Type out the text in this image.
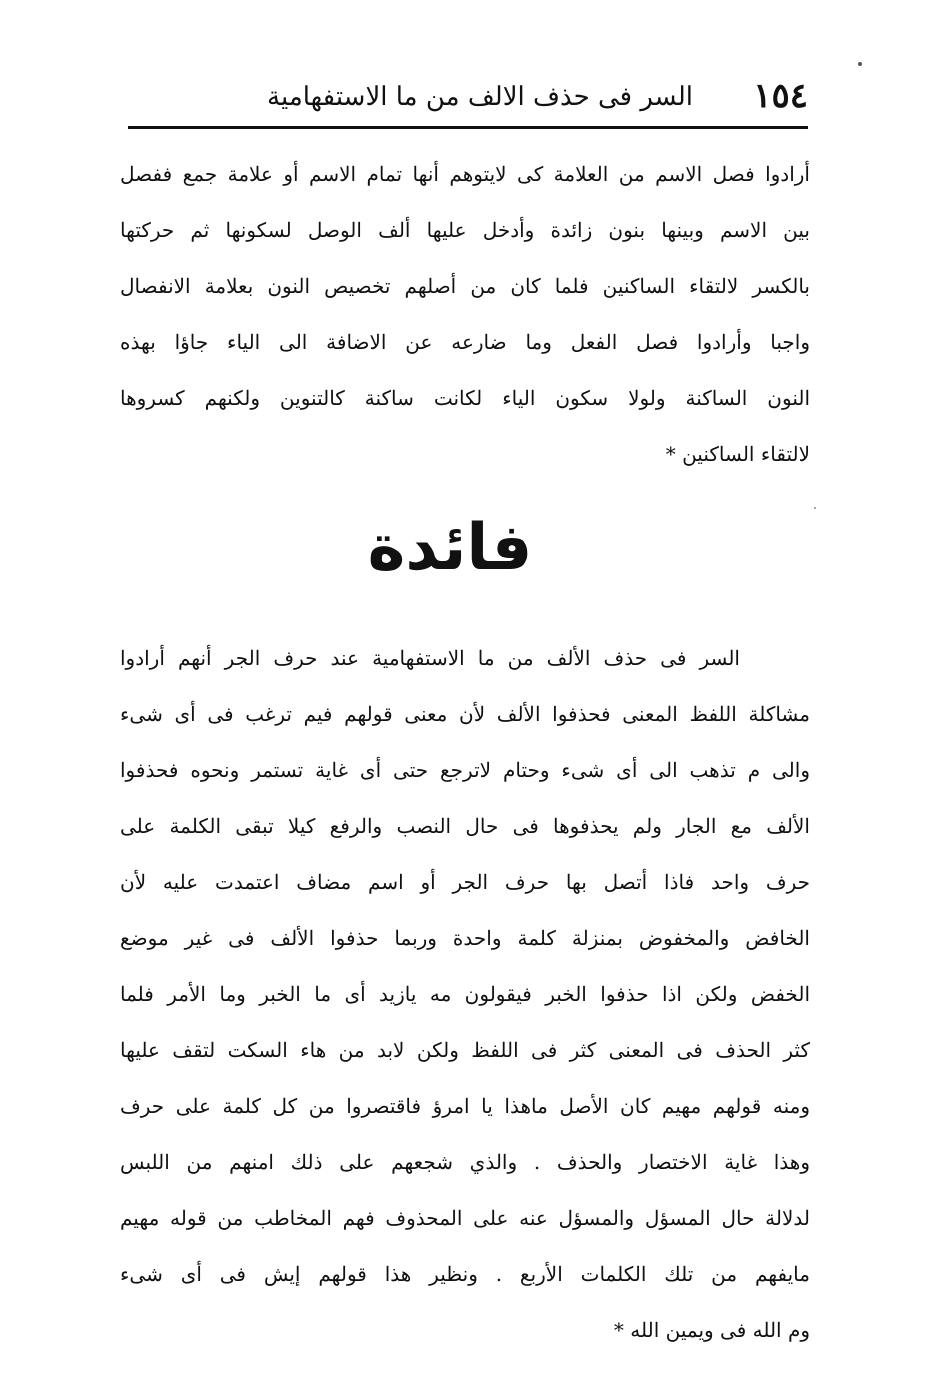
١٥٤
السر فى حذف الالف من ما الاستفهامية
أرادوا فصل الاسم من العلامة كى لايتوهم أنها تمام الاسم أو علامة جمع ففصل
بين الاسم وبينها بنون زائدة وأدخل عليها ألف الوصل لسكونها ثم حركتها
بالكسر لالتقاء الساكنين فلما كان من أصلهم تخصيص النون بعلامة الانفصال
واجبا وأرادوا فصل الفعل وما ضارعه عن الاضافة الى الياء جاؤا بهذه
النون الساكنة ولولا سكون الياء لكانت ساكنة كالتنوين ولكنهم كسروها
لالتقاء الساكنين *
فائدة
السر فى حذف الألف من ما الاستفهامية عند حرف الجر أنهم أرادوا
مشاكلة اللفظ المعنى فحذفوا الألف لأن معنى قولهم فيم ترغب فى أى شىء
والى م تذهب الى أى شىء وحتام لاترجع حتى أى غاية تستمر ونحوه فحذفوا
الألف مع الجار ولم يحذفوها فى حال النصب والرفع كيلا تبقى الكلمة على
حرف واحد فاذا أتصل بها حرف الجر أو اسم مضاف اعتمدت عليه لأن
الخافض والمخفوض بمنزلة كلمة واحدة وربما حذفوا الألف فى غير موضع
الخفض ولكن اذا حذفوا الخبر فيقولون مه يازيد أى ما الخبر وما الأمر فلما
كثر الحذف فى المعنى كثر فى اللفظ ولكن لابد من هاء السكت لتقف عليها
ومنه قولهم مهيم كان الأصل ماهذا يا امرؤ فاقتصروا من كل كلمة على حرف
وهذا غاية الاختصار والحذف . والذي شجعهم على ذلك امنهم من اللبس
لدلالة حال المسؤل والمسؤل عنه على المحذوف فهم المخاطب من قوله مهيم
مايفهم من تلك الكلمات الأربع . ونظير هذا قولهم إيش فى أى شىء
وم الله فى ويمين الله *
